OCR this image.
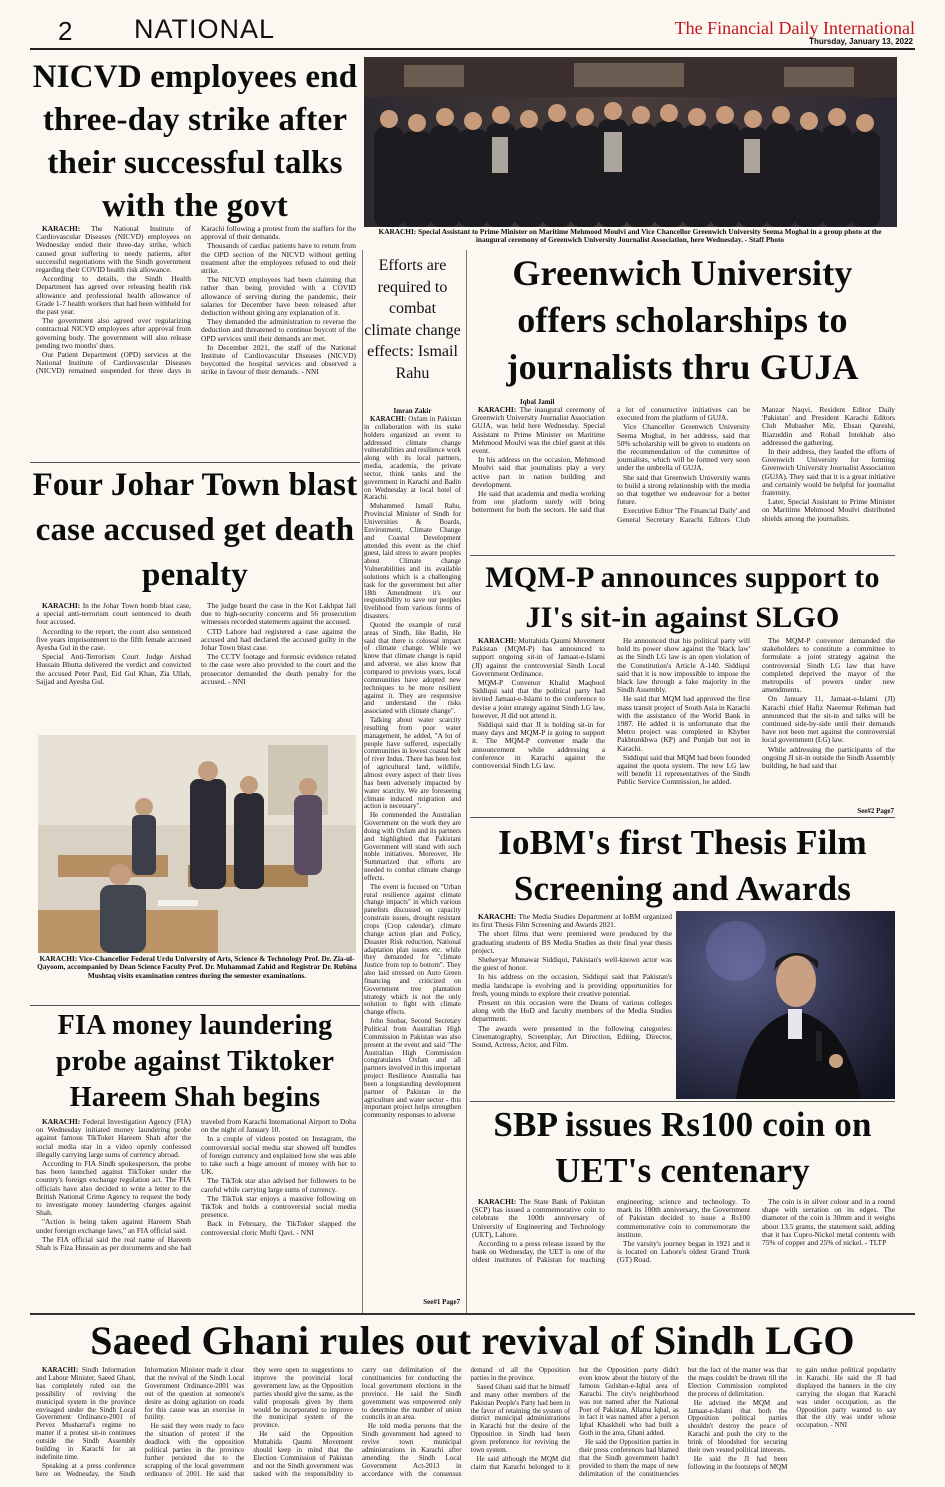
2 NATIONAL	The Financial Daily International
Thursday, January 13, 2022
NICVD employees end three-day strike after their successful talks with the govt

KARACHI: The National Institute of Cardiovascular Diseases (NICVD) employees on Wednesday ended their three-day strike, which caused great suffering to needy patients, after successful negotiations with the Sindh government regarding their COVID health risk allowance.

According to details, the Sindh Health Department has agreed over releasing health risk allowance and professional health allowance of Grade 1-7 health workers that had been withheld for the past year.

The government also agreed over regularizing contractual NICVD employees after approval from governing body. The government will also release pending two months' dues.

Our Patient Department (OPD) services at the National Institute of Cardiovascular Diseases (NICVD) remained suspended for three days in Karachi following a protest from the staffers for the approval of their demands.

Thousands of cardiac patients have to return from the OPD section of the NICVD without getting treatment after the employees refused to end their strike.

The NICVD employees had been claiming that rather than being provided with a COVID allowance of serving during the pandemic, their salaries for December have been released after deduction without giving any explanation of it.

They demanded the administration to reverse the deduction and threatened to continue boycott of the OPD services until their demands are met.

In December 2021, the staff of the National Institute of Cardiovascular Diseases (NICVD) boycotted the hospital services and observed a strike in favour of their demands. - NNI

KARACHI: Special Assistant to Prime Minister on Maritime Mehmood Moulvi and Vice Chancellor Greenwich University Seema Moghal in a group photo at the inaugural ceremony of Greenwich University Journalist Association, here Wednesday. - Staff Photo
Efforts are required to combat climate change effects: Ismail Rahu
Imran Zakir

KARACHI: Oxfam in Pakistan in collaboration with its stake holders organized an event to addressed climate change vulnerabilities and resilience work along with its local partners, media, academia, the private sector, think tanks and the government in Karachi and Badin on Wednesday at local hotel of Karachi.

Muhammed Ismail Rahu, Provincial Minister of Sindh for Universities & Boards, Environment, Climate Change and Coastal Development attended this event as the chief guest, laid stress to aware peoples about Climate change Vulnerabilities and its available solutions which is a challenging task for the government but after 18th Amendment it's our responsibility to save our peoples livelihood from various forms of disasters.

Quoted the example of rural areas of Sindh, like Badin, He said that there is colossal impact of climate change. While we know that climate change is rapid and adverse, we also know that compared to previous years, local communities have adopted new techniques to be more resilient against it. They are responsive and understand the risks associated with climate change".

Talking about water scarcity resulting from poor water management, he added, "A lot of people have suffered, especially communities in lowest coastal belt of river Indus. There has been lost of agricultural land, wildlife, almost every aspect of their lives has been adversely impacted by water scarcity. We are foreseeing climate induced migration and action is necessary".

He commended the Australian Government on the work they are doing with Oxfam and its partners and highlighted that Pakistani Government will stand with such noble initiatives. Moreover, He Summarized that efforts are needed to combat climate change effects.

The event is focused on "Urban rural resilience against climate change impacts" in which various panelists discussed on capacity constrain issues, drought resistant crops (Crop calendar), climate change action plan and Policy, Disaster Risk reduction, National adaptation plan issues etc. while they demanded for "climate Justice from top to bottom". They also laid stressed on Auto Green financing and criticized on Government tree plantation strategy which is not the only solution to fight with climate change effects.

John Snobar, Second Secretary Political from Australian High Commission in Pakistan was also present at the event and said "The Australian High Commission congratulates Oxfam and all partners involved in this important project Resilience Australia has been a longstanding development partner of Pakistan in the agriculture and water sector - this important project helps strengthen community responses to adverse

See#1 Page7
Greenwich University offers scholarships to journalists thru GUJA
Iqbal Jamil

KARACHI: The inaugural ceremony of Greenwich University Journalist Association GUJA, was held here Wednesday. Special Assistant to Prime Minister on Maritime Mehmood Moulvi was the chief guest at this event.

In his address on the occasion, Mehmood Moulvi said that journalists play a very active part in nation building and development.

He said that academia and media working from one platform surely will bring betterment for both the sectors. He said that a lot of constructive initiatives can be executed from the platform of GUJA.

Vice Chancellor Greenwich University Seema Moghal, in her address, said that 50% scholarship will be given to students on the recommendation of the committee of journalists, which will be formed very soon under the umbrella of GUJA.

She said that Greenwich University wants to build a strong relationship with the media so that together we endeavour for a better future.

Executive Editor 'The Financial Daily' and General Secretary Karachi Editors Club Manzar Naqvi, Resident Editor Daily 'Pakistan' and President Karachi Editors Club Mubasher Mir, Ehsan Qureshi, Riazuddin and Rohail Intekhab also addressed the gathering.

In their address, they lauded the efforts of Greenwich University for forming Greenwich University Journalist Association (GUJA). They said that it is a great initiative and certainly would be helpful for journalist fraternity.

Later, Special Assistant to Prime Minister on Maritime Mehmood Moulvi distributed shields among the journalists.

Four Johar Town blast case accused get death penalty

KARACHI: In the Johar Town bomb blast case, a special anti-terrorism court sentenced to death four accused.

According to the report, the court also sentenced five years imprisonment to the fifth female accused Ayesha Gul in the case.

Special Anti-Terrorism Court Judge Arshad Hussain Bhutta delivered the verdict and convicted the accused Peter Paul, Eid Gul Khan, Zia Ullah, Sajjad and Ayesha Gul.

The judge heard the case in the Kot Lakhpat Jail due to high-security concerns and 56 prosecution witnesses recorded statements against the accused.

CTD Lahore had registered a case against the accused and had declared the accused guilty in the Johar Town blast case.

The CCTV footage and forensic evidence related to the case were also provided to the court and the prosecutor demanded the death penalty for the accused. - NNI

KARACHI: Vice-Chancellor Federal Urdu University of Arts, Science & Technology Prof. Dr. Zia-ul-Qayoom, accompanied by Dean Science Faculty Prof. Dr. Muhammad Zahid and Registrar Dr. Rubina Mushtaq visits examination centres during the semester examinations.
FIA money laundering probe against Tiktoker Hareem Shah begins

KARACHI: Federal Investigation Agency (FIA) on Wednesday initiated money laundering probe against famous TikToker Hareem Shah after the social media star in a video openly confessed illegally carrying large sums of currency abroad.

According to FIA Sindh spokesperson, the probe has been launched against TikToker under the country's foreign exchange regulation act. The FIA officials have also decided to write a letter to the British National Crime Agency to request the body to investigate money laundering charges against Shah.

"Action is being taken against Hareem Shah under foreign exchange laws," an FIA official said.

The FIA official said the real name of Hareem Shah is Fiza Hussain as per documents and she had traveled from Karachi International Airport to Doha on the night of January 10.

In a couple of videos posted on Instagram, the controversial social media star showed off bundles of foreign currency and explained how she was able to take such a huge amount of money with her to UK.

The TikTok star also advised her followers to be careful while carrying large sums of currency.

The TikTok star enjoys a massive following on TikTok and holds a controversial social media presence.

Back in February, the TikToker slapped the controversial cleric Mufti Qavi. - NNI

MQM-P announces support to JI's sit-in against SLGO

KARACHI: Muttahida Qaumi Movement Pakistan (MQM-P) has announced to support ongoing sit-in of Jamaat-e-Islami (JI) against the controversial Sindh Local Government Ordinance.

MQM-P Convenor Khalid Maqbool Siddiqui said that the political party had invited Jamaat-e-Islami to the conference to devise a joint strategy against Sindh LG law, however, JI did not attend it.

Siddiqui said that JI is holding sit-in for many days and MQM-P is going to support it. The MQM-P convener made the announcement while addressing a conference in Karachi against the controversial Sindh LG law.

He announced that his political party will hold its power show against the 'black law' as the Sindh LG law is an open violation of the Constitution's Article A-140. Siddiqui said that it is now impossible to impose the black law through a fake majority in the Sindh Assembly.

He said that MQM had approved the first mass transit project of South Asia in Karachi with the assistance of the World Bank in 1987. He added it is unfortunate that the Metro project was completed in Khyber Pakhtunkhwa (KP) and Punjab but not in Karachi.

Siddiqui said that MQM had been founded against the quota system. The new LG law will benefit 11 representatives of the Sindh Public Service Commission, he added.

The MQM-P convenor demanded the stakeholders to constitute a committee to formulate a joint strategy against the controversial Sindh LG law that have completed deprived the mayor of the metropolis of powers under new amendments.

On January 11, Jamaat-e-Islami (JI) Karachi chief Hafiz Naeemur Rehman had announced that the sit-in and talks will be continued side-by-side until their demands have not been met against the controversial local government (LG) law.

While addressing the participants of the ongoing JI sit-in outside the Sindh Assembly building, he had said that

See#2 Page7
IoBM's first Thesis Film Screening and Awards

KARACHI: The Media Studies Department at IoBM organized its first Thesis Film Screening and Awards 2021.

The short films that were premiered were produced by the graduating students of BS Media Studies as their final year thesis project.

Sheheryar Munawar Siddiqui, Pakistan's well-known actor was the guest of honor.

In his address on the occasion, Siddiqui said that Pakistan's media landscape is evolving and is providing opportunities for fresh, young minds to explore their creative potential.

Present on this occasion were the Deans of various colleges along with the HoD and faculty members of the Media Studies department.

The awards were presented in the following categories: Cinematography, Screenplay, Art Direction, Editing, Director, Sound, Actress, Actor, and Film.

SBP issues Rs100 coin on UET's centenary

KARACHI: The State Bank of Pakistan (SCP) has issued a commemorative coin to celebrate the 100th anniversary of University of Engineering and Technology (UET), Lahore.

According to a press release issued by the bank on Wednesday, the UET is one of the oldest institutes of Pakistan for teaching engineering, science and technology. To mark its 100th anniversary, the Government of Pakistan decided to issue a Rs100 commemorative coin to commemorate the institute.

The varsity's journey began in 1921 and it is located on Lahore's oldest Grand Trunk (GT) Road.

The coin is in silver colour and in a round shape with serration on its edges. The diameter of the coin is 30mm and it weighs about 13.5 grams, the statement said, adding that it has Cupro-Nickel metal contents with 75% of copper and 25% of nickel. - TLTP

Saeed Ghani rules out revival of Sindh LGO

KARACHI: Sindh Information and Labour Minister, Saeed Ghani, has completely ruled out the possibility of reviving the municipal system in the province envisaged under the Sindh Local Government Ordinance-2001 of Pervez Musharraf's regime no matter if a protest sit-in continues outside the Sindh Assembly building in Karachi for an indefinite time.

Speaking at a press conference here on Wednesday, the Sindh Information Minister made it clear that the revival of the Sindh Local Government Ordinance-2001 was out of the question at someone's desire as doing agitation on roads for this cause was an exercise in futility.

He said they were ready to face the situation of protest if the deadlock with the opposition political parties in the province further persisted due to the scrapping of the local government ordinance of 2001. He said that they were open to suggestions to improve the provincial local government law, as the Opposition parties should give the same, as the valid proposals given by them would be incorporated to improve the municipal system of the province.

He said the Opposition Muttahida Qaumi Movement should keep in mind that the Election Commission of Pakistan and not the Sindh government was tasked with the responsibility to carry out delimitation of the constituencies for conducting the local government elections in the province. He said the Sindh government was empowered only to determine the number of union councils in an area.

He told media persons that the Sindh government had agreed to revive town municipal administrations in Karachi after amending the Sindh Local Government Act-2013 in accordance with the consensus demand of all the Opposition parties in the province.

Saeed Ghani said that he himself and many other members of the Pakistan People's Party had been in the favor of retaining the system of district municipal administrations in Karachi but the desire of the Opposition in Sindh had been given preference for reviving the town system.

He said although the MQM did claim that Karachi belonged to it but the Opposition party didn't even know about the history of the famous Gulshan-e-Iqbal area of Karachi. The city's neighborhood was not named after the National Poet of Pakistan, Allama Iqbal, as in fact it was named after a person Iqbal Khaskheli who had built a Goth in the area, Ghani added.

He said the Opposition parties in their press conferences had blamed that the Sindh government hadn't provided to them the maps of new delimitation of the constituencies but the fact of the matter was that the maps couldn't be drawn till the Election Commission completed the process of delimitation.

He advised the MQM and Jamaat-e-Islami that both the Opposition political parties shouldn't destroy the peace of Karachi and push the city to the brink of bloodshed for securing their own vested political interests.

He said the JI had been following in the footsteps of MQM to gain undue political popularity in Karachi. He said the JI had displayed the banners in the city carrying the slogan that Karachi was under occupation, as the Opposition party wanted to say that the city was under whose occupation. - NNI
